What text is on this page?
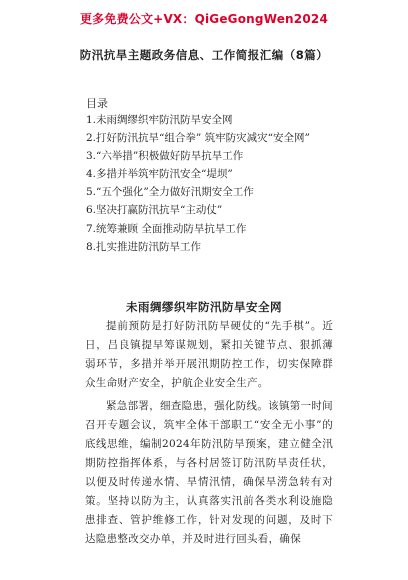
更多免费公文+VX：QiGeGongWen2024
防汛抗旱主题政务信息、工作简报汇编（8篇）
目录
1.未雨绸缪织牢防汛防旱安全网
2.打好防汛抗旱“组合拳” 筑牢防灾减灾“安全网”
3.“六举措”积极做好防旱抗旱工作
4.多措并举筑牢防汛安全“堤坝”
5.“五个强化”全力做好汛期安全工作
6.坚决打赢防汛抗旱“主动仗”
7.统筹兼顾 全面推动防旱抗旱工作
8.扎实推进防汛防旱工作
未雨绸缪织牢防汛防旱安全网

提前预防是打好防汛防旱硬仗的“先手棋”。近日，吕良镇提早筹谋规划，紧扣关键节点、狠抓薄弱环节，多措并举开展汛期防控工作，切实保障群众生命财产安全，护航企业安全生产。

紧急部署，细查隐患，强化防线。该镇第一时间召开专题会议，筑牢全体干部职工“安全无小事”的底线思维，编制2024年防汛防旱预案，建立健全汛期防控指挥体系，与各村居签订防汛防旱责任状，以便及时传递水情、旱情汛情，确保旱涝急转有对策。坚持以防为主，认真落实汛前各类水利设施隐患排查、管护维修工作，针对发现的问题，及时下达隐患整改交办单，并及时进行回头看，确保
